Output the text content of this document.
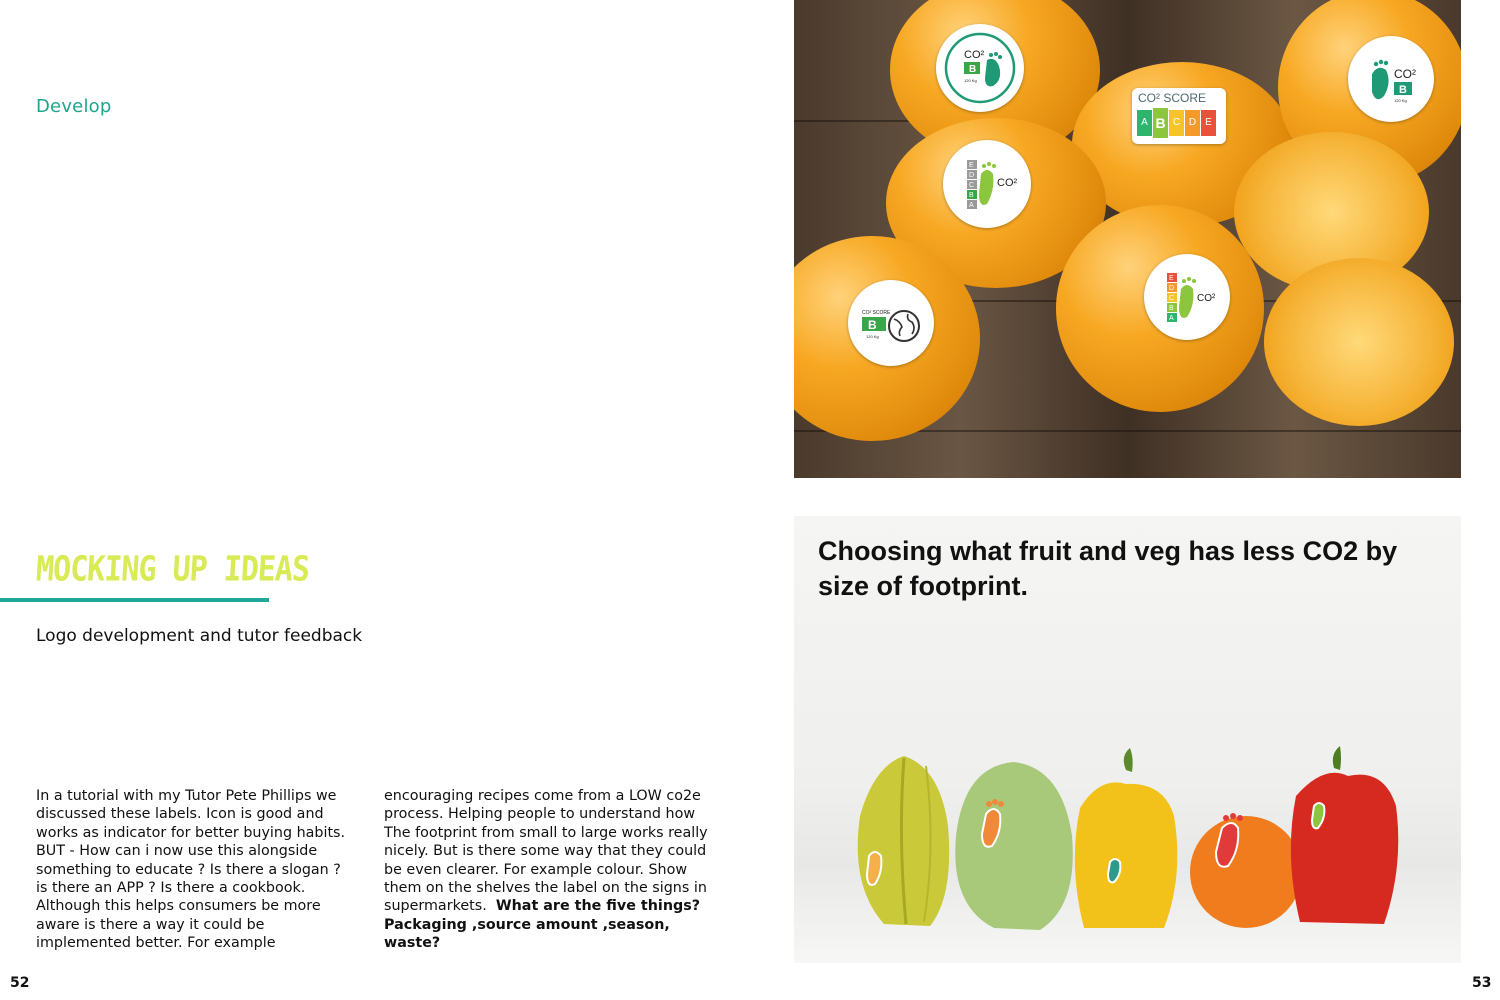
Develop
MOCKING UP IDEAS
Logo development and tutor feedback
In a tutorial with my Tutor Pete Phillips we discussed these labels. Icon is good and works as indicator for better buying habits. BUT - How can i now use this alongside something to educate ? Is there a slogan ? is there an APP ? Is there a cookbook. Although this helps consumers be more aware is there a way it could be implemented better. For example
encouraging recipes come from a LOW co2e process. Helping people to understand how The footprint from small to large works really nicely. But is there some way that they could be even clearer. For example colour. Show them on the shelves the label on the signs in supermarkets. What are the five things? Packaging ,source amount ,season, waste?
52
CO²
B
120 Kg
CO² SCORE
A B C D E
CO²
B
120 Kg
E
D
C
B
A
CO²
E
D
C
B
A
CO²
CO² SCORE
B
120 Kg
Choosing what fruit and veg has less CO2 by size of footprint.
53
